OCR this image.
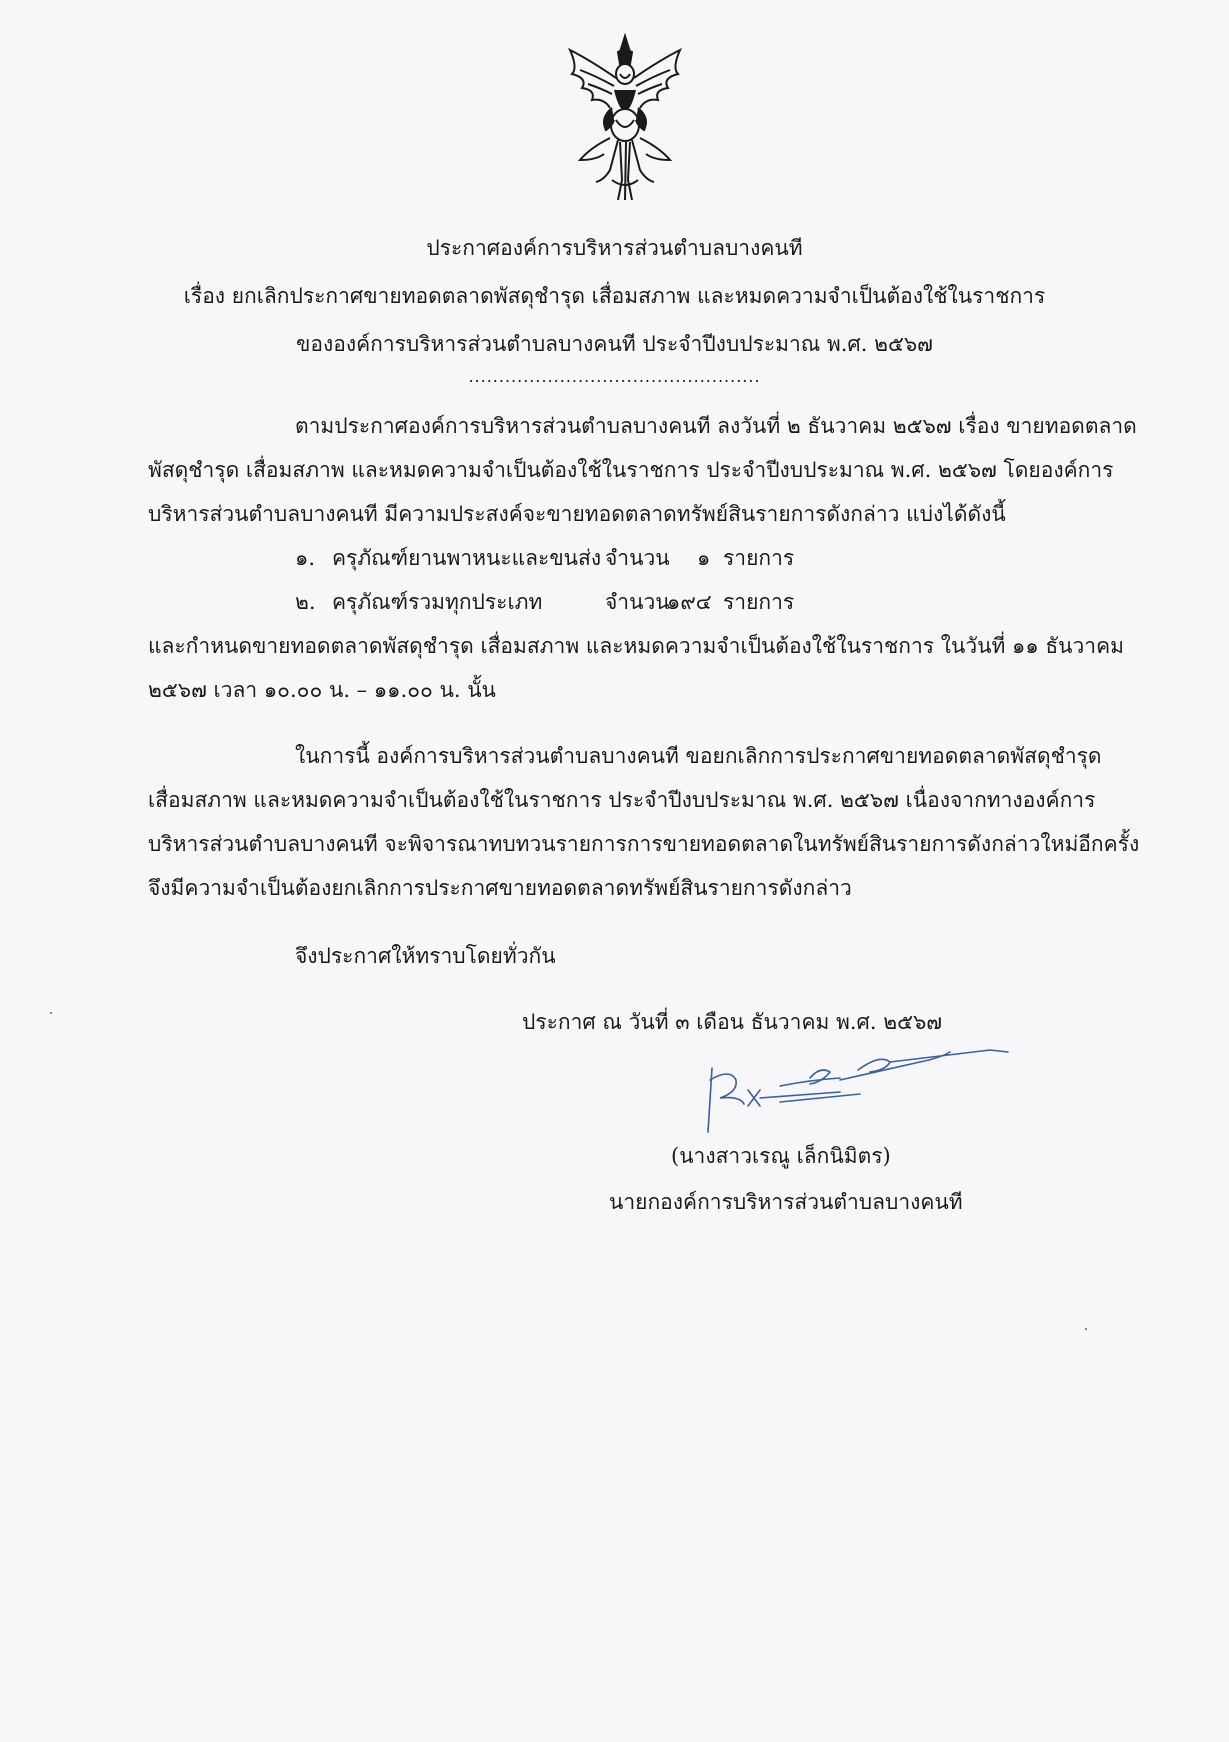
ประกาศองค์การบริหารส่วนตำบลบางคนที
เรื่อง ยกเลิกประกาศขายทอดตลาดพัสดุชำรุด เสื่อมสภาพ และหมดความจำเป็นต้องใช้ในราชการ
ขององค์การบริหารส่วนตำบลบางคนที ประจำปีงบประมาณ พ.ศ. ๒๕๖๗
................................................
ตามประกาศองค์การบริหารส่วนตำบลบางคนที ลงวันที่ ๒ ธันวาคม ๒๕๖๗ เรื่อง ขายทอดตลาด
พัสดุชำรุด เสื่อมสภาพ และหมดความจำเป็นต้องใช้ในราชการ ประจำปีงบประมาณ พ.ศ. ๒๕๖๗ โดยองค์การ
บริหารส่วนตำบลบางคนที มีความประสงค์จะขายทอดตลาดทรัพย์สินรายการดังกล่าว แบ่งได้ดังนี้
๑. ครุภัณฑ์ยานพาหนะและขนส่ง จำนวน ๑ รายการ
๒. ครุภัณฑ์รวมทุกประเภท	จำนวน
๑๙๔ รายการ
และกำหนดขายทอดตลาดพัสดุชำรุด เสื่อมสภาพ และหมดความจำเป็นต้องใช้ในราชการ ในวันที่ ๑๑ ธันวาคม
๒๕๖๗ เวลา ๑๐.๐๐ น. – ๑๑.๐๐ น. นั้น
ในการนี้ องค์การบริหารส่วนตำบลบางคนที ขอยกเลิกการประกาศขายทอดตลาดพัสดุชำรุด
เสื่อมสภาพ และหมดความจำเป็นต้องใช้ในราชการ ประจำปีงบประมาณ พ.ศ. ๒๕๖๗ เนื่องจากทางองค์การ
บริหารส่วนตำบลบางคนที จะพิจารณาทบทวนรายการการขายทอดตลาดในทรัพย์สินรายการดังกล่าวใหม่อีกครั้ง
จึงมีความจำเป็นต้องยกเลิกการประกาศขายทอดตลาดทรัพย์สินรายการดังกล่าว
จึงประกาศให้ทราบโดยทั่วกัน
ประกาศ ณ วันที่ ๓ เดือน ธันวาคม พ.ศ. ๒๕๖๗
(นางสาวเรณู เล็กนิมิตร)
นายกองค์การบริหารส่วนตำบลบางคนที
